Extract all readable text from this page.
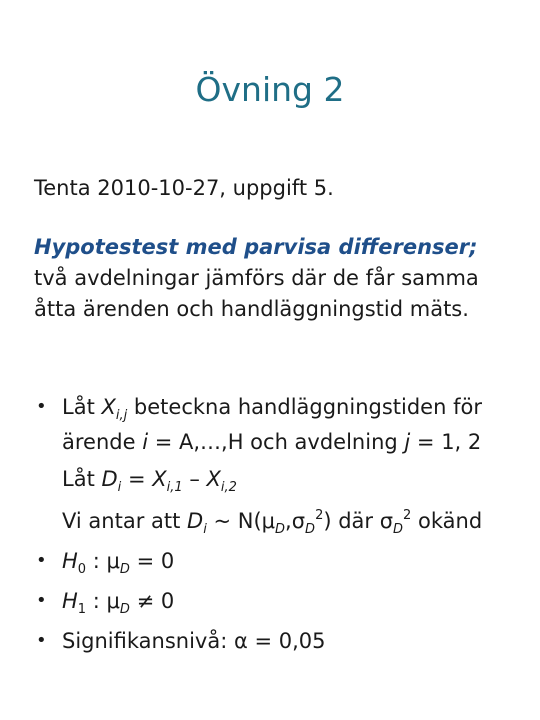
Övning 2
Tenta 2010-10-27, uppgift 5.
Hypotestest med parvisa differenser;
två avdelningar jämförs där de får samma
åtta ärenden och handläggningstid mäts.
• Låt $X_{i,j}$ beteckna handläggningstiden för
ärende i = A,…,H och avdelning j = 1, 2
Låt $D_i = X_{i,1} - X_{i,2}$
Vi antar att $D_i$ ~ $N(\mu_D,\sigma_D^2)$ där $\sigma_D^2$ okänd
• $H_0$ : $\mu_D = 0$
• $H_1$ : $\mu_D \ne 0$
• Signifikansnivå: α = 0,05
